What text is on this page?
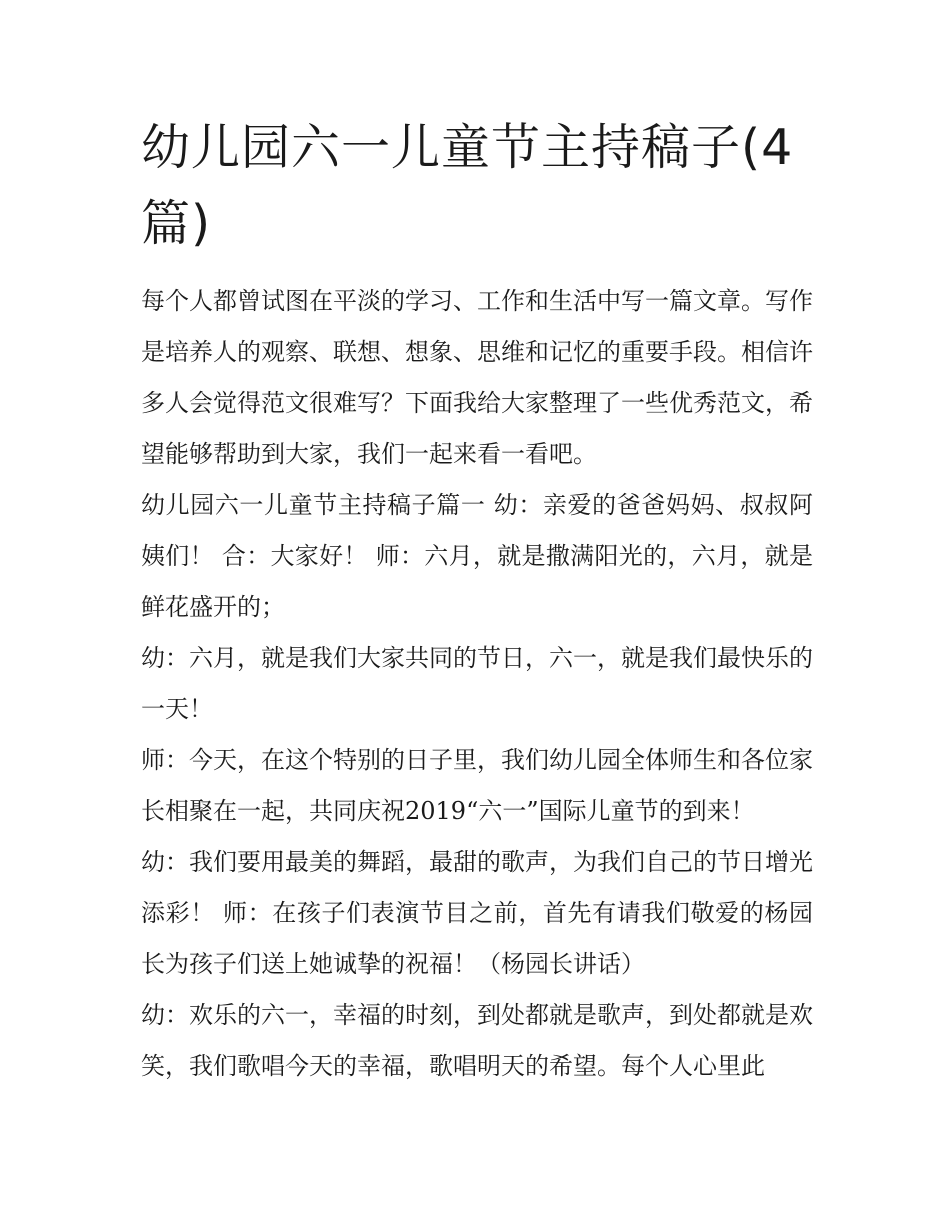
幼儿园六一儿童节主持稿子(4篇)

每个人都曾试图在平淡的学习、工作和生活中写一篇文章。写作是培养人的观察、联想、想象、思维和记忆的重要手段。相信许多人会觉得范文很难写？下面我给大家整理了一些优秀范文，希望能够帮助到大家，我们一起来看一看吧。

幼儿园六一儿童节主持稿子篇一 幼：亲爱的爸爸妈妈、叔叔阿姨们！ 合：大家好！ 师：六月，就是撒满阳光的，六月，就是鲜花盛开的；

幼：六月，就是我们大家共同的节日，六一，就是我们最快乐的一天！

师：今天，在这个特别的日子里，我们幼儿园全体师生和各位家长相聚在一起，共同庆祝2019“六一”国际儿童节的到来！

幼：我们要用最美的舞蹈，最甜的歌声，为我们自己的节日增光添彩！ 师：在孩子们表演节目之前，首先有请我们敬爱的杨园长为孩子们送上她诚挚的祝福！（杨园长讲话）

幼：欢乐的六一，幸福的时刻，到处都就是歌声，到处都就是欢笑，我们歌唱今天的幸福，歌唱明天的希望。每个人心里此
